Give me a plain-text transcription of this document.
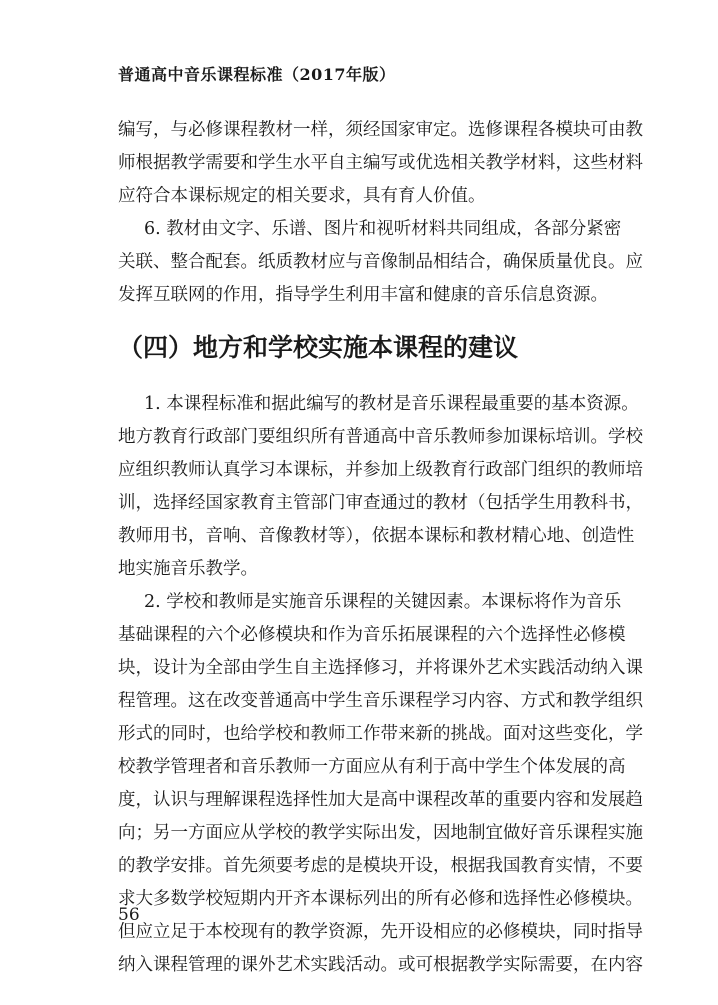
普通高中音乐课程标准（2017年版）
编写，与必修课程教材一样，须经国家审定。选修课程各模块可由教
师根据教学需要和学生水平自主编写或优选相关教学材料，这些材料
应符合本课标规定的相关要求，具有育人价值。
6. 教材由文字、乐谱、图片和视听材料共同组成，各部分紧密
关联、整合配套。纸质教材应与音像制品相结合，确保质量优良。应
发挥互联网的作用，指导学生利用丰富和健康的音乐信息资源。
（四）地方和学校实施本课程的建议
1. 本课程标准和据此编写的教材是音乐课程最重要的基本资源。
地方教育行政部门要组织所有普通高中音乐教师参加课标培训。学校
应组织教师认真学习本课标，并参加上级教育行政部门组织的教师培
训，选择经国家教育主管部门审查通过的教材（包括学生用教科书，
教师用书，音响、音像教材等），依据本课标和教材精心地、创造性
地实施音乐教学。
2. 学校和教师是实施音乐课程的关键因素。本课标将作为音乐
基础课程的六个必修模块和作为音乐拓展课程的六个选择性必修模
块，设计为全部由学生自主选择修习，并将课外艺术实践活动纳入课
程管理。这在改变普通高中学生音乐课程学习内容、方式和教学组织
形式的同时，也给学校和教师工作带来新的挑战。面对这些变化，学
校教学管理者和音乐教师一方面应从有利于高中学生个体发展的高
度，认识与理解课程选择性加大是高中课程改革的重要内容和发展趋
向；另一方面应从学校的教学实际出发，因地制宜做好音乐课程实施
的教学安排。首先须要考虑的是模块开设，根据我国教育实情，不要
求大多数学校短期内开齐本课标列出的所有必修和选择性必修模块。
但应立足于本校现有的教学资源，先开设相应的必修模块，同时指导
纳入课程管理的课外艺术实践活动。或可根据教学实际需要，在内容
56
